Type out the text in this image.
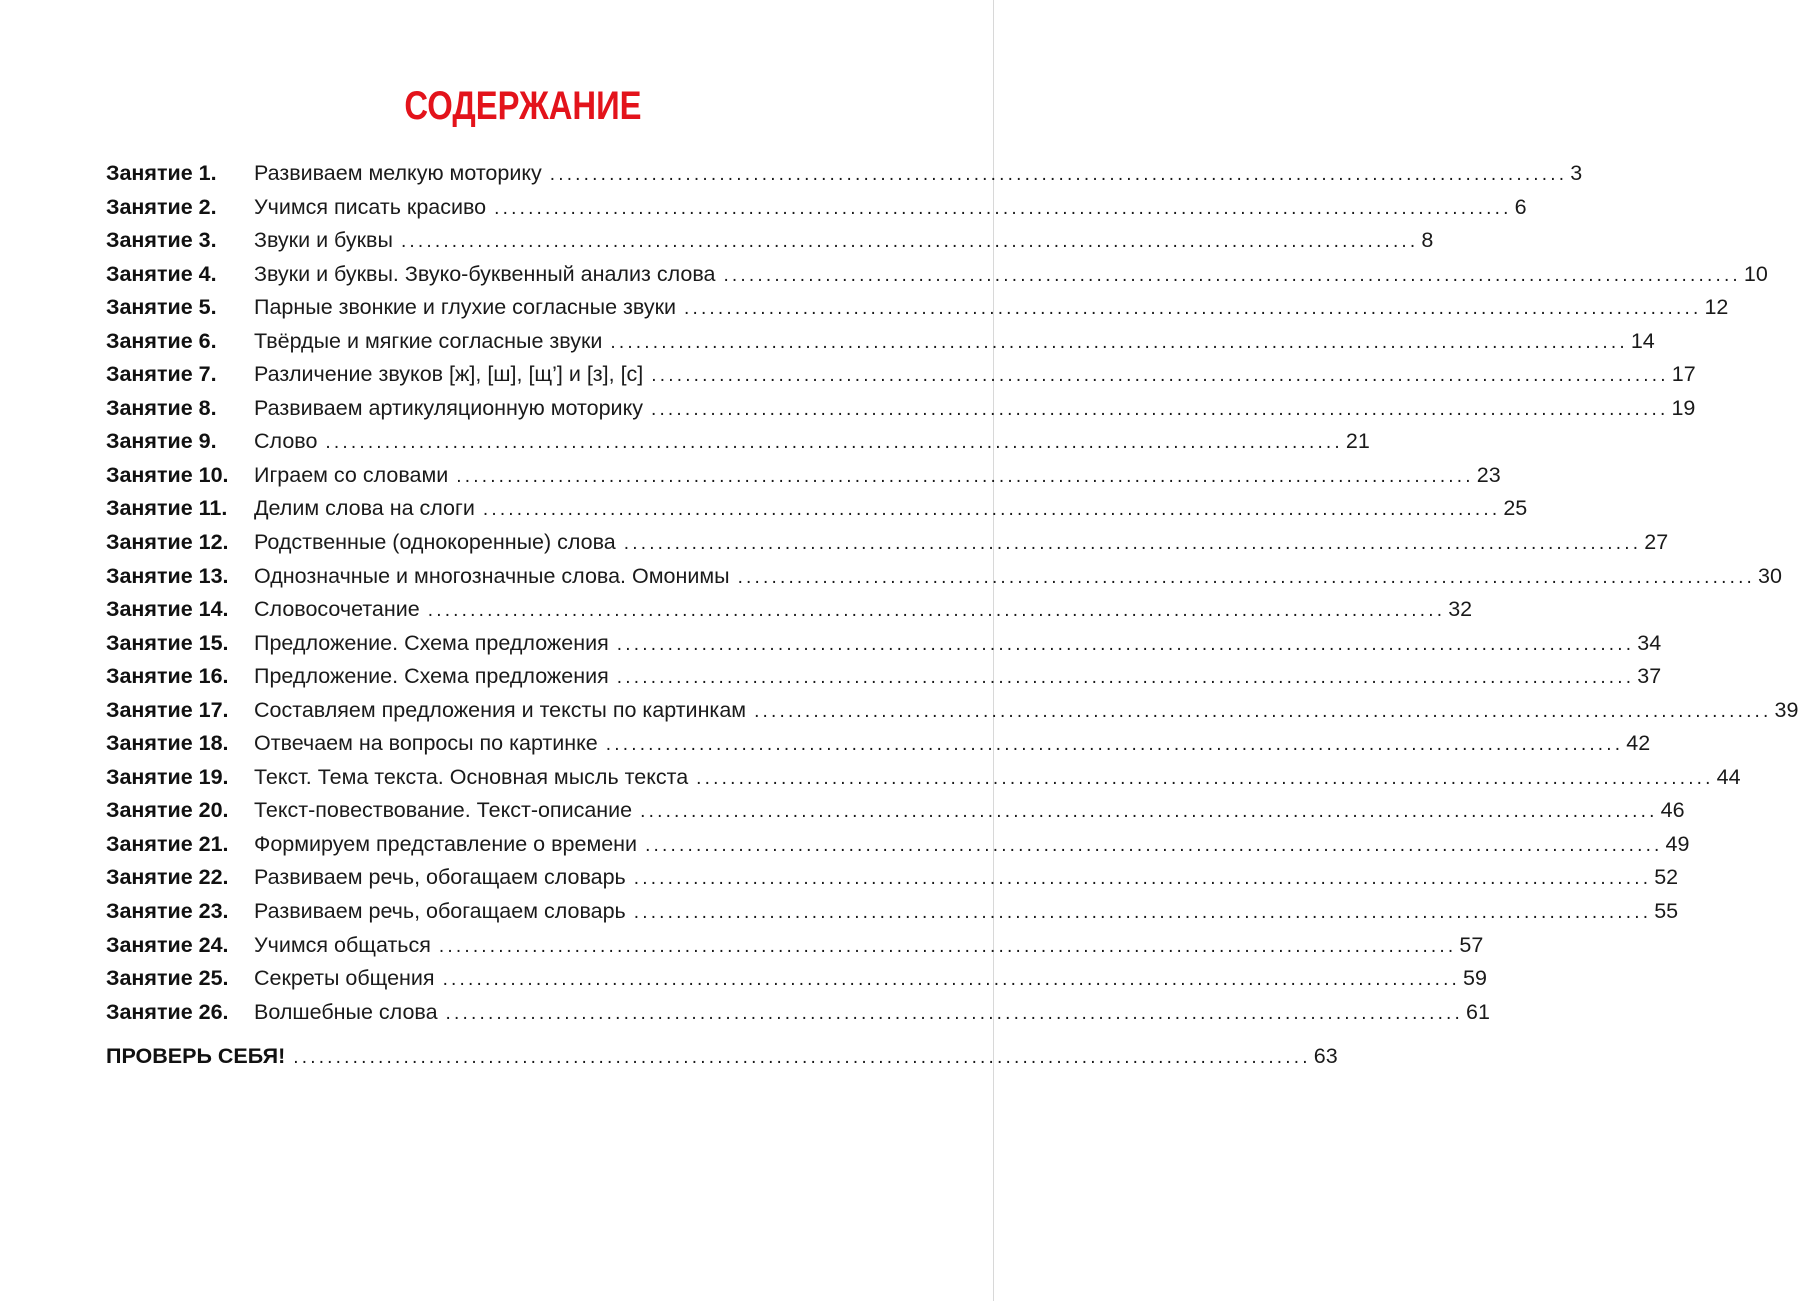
СОДЕРЖАНИЕ
Занятие 1.	Развиваем мелкую моторику ........................................................................................................................ 3
Занятие 2.	Учимся писать красиво ........................................................................................................................ 6
Занятие 3.	Звуки и буквы ........................................................................................................................ 8
Занятие 4.	Звуки и буквы. Звуко-буквенный анализ слова ........................................................................................................................ 10
Занятие 5.	Парные звонкие и глухие согласные звуки ........................................................................................................................ 12
Занятие 6.	Твёрдые и мягкие согласные звуки ........................................................................................................................ 14
Занятие 7.	Различение звуков [ж], [ш], [щ’] и [з], [с] ........................................................................................................................ 17
Занятие 8.	Развиваем артикуляционную моторику ........................................................................................................................ 19
Занятие 9.	Слово ........................................................................................................................ 21
Занятие 10.	Играем со словами ........................................................................................................................ 23
Занятие 11.	Делим слова на слоги ........................................................................................................................ 25
Занятие 12.	Родственные (однокоренные) слова ........................................................................................................................ 27
Занятие 13.	Однозначные и многозначные слова. Омонимы ........................................................................................................................ 30
Занятие 14.	Словосочетание ........................................................................................................................ 32
Занятие 15.	Предложение. Схема предложения ........................................................................................................................ 34
Занятие 16.	Предложение. Схема предложения ........................................................................................................................ 37
Занятие 17.	Составляем предложения и тексты по картинкам ........................................................................................................................ 39
Занятие 18.	Отвечаем на вопросы по картинке ........................................................................................................................ 42
Занятие 19.	Текст. Тема текста. Основная мысль текста ........................................................................................................................ 44
Занятие 20.	Текст-повествование. Текст-описание ........................................................................................................................ 46
Занятие 21.	Формируем представление о времени ........................................................................................................................ 49
Занятие 22.	Развиваем речь, обогащаем словарь ........................................................................................................................ 52
Занятие 23.	Развиваем речь, обогащаем словарь ........................................................................................................................ 55
Занятие 24.	Учимся общаться ........................................................................................................................ 57
Занятие 25.	Секреты общения ........................................................................................................................ 59
Занятие 26.	Волшебные слова ........................................................................................................................ 61
ПРОВЕРЬ СЕБЯ! ........................................................................................................................ 63
